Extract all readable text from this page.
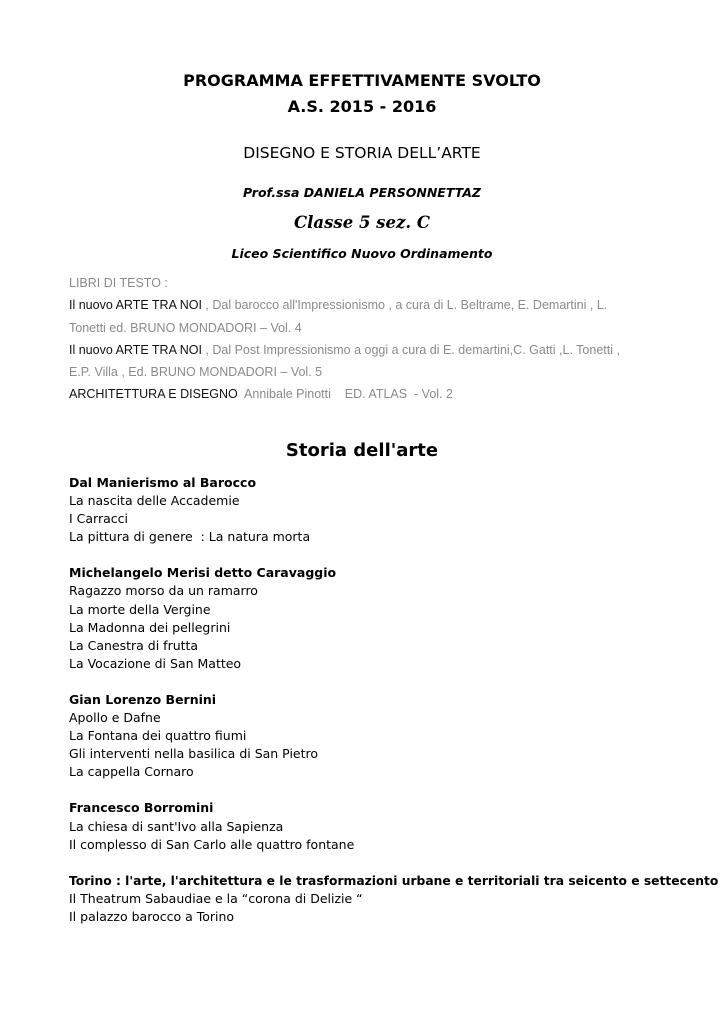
PROGRAMMA EFFETTIVAMENTE SVOLTO
A.S. 2015 - 2016
DISEGNO E STORIA DELL’ARTE
Prof.ssa DANIELA PERSONNETTAZ
Classe 5 sez. C
Liceo Scientifico Nuovo Ordinamento
LIBRI DI TESTO :
Il nuovo ARTE TRA NOI , Dal barocco all'Impressionismo , a cura di L. Beltrame, E. Demartini , L.
Tonetti ed. BRUNO MONDADORI – Vol. 4
Il nuovo ARTE TRA NOI , Dal Post Impressionismo a oggi a cura di E. demartini,C. Gatti ,L. Tonetti ,
E.P. Villa , Ed. BRUNO MONDADORI – Vol. 5
ARCHITETTURA E DISEGNO  Annibale Pinotti    ED. ATLAS  - Vol. 2
Storia dell'arte
Dal Manierismo al Barocco
La nascita delle Accademie
I Carracci
La pittura di genere  : La natura morta
Michelangelo Merisi detto Caravaggio
Ragazzo morso da un ramarro
La morte della Vergine
La Madonna dei pellegrini
La Canestra di frutta
La Vocazione di San Matteo
Gian Lorenzo Bernini
Apollo e Dafne
La Fontana dei quattro fiumi
Gli interventi nella basilica di San Pietro
La cappella Cornaro
Francesco Borromini
La chiesa di sant'Ivo alla Sapienza
Il complesso di San Carlo alle quattro fontane
Torino : l'arte, l'architettura e le trasformazioni urbane e territoriali tra seicento e settecento
Il Theatrum Sabaudiae e la “corona di Delizie “
Il palazzo barocco a Torino
